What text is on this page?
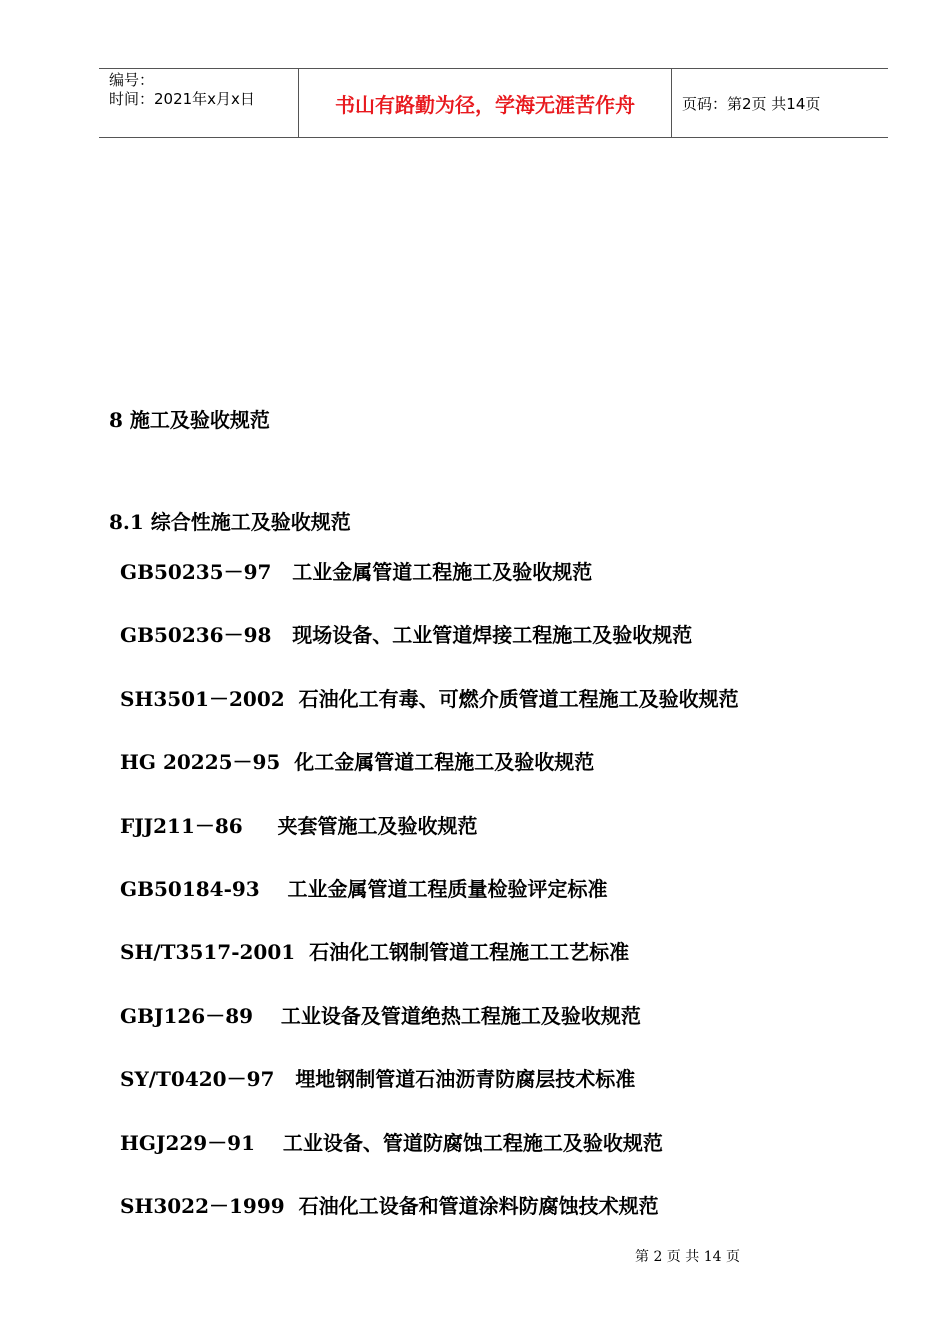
编号：
时间：2021年x月x日	书山有路勤为径，学海无涯苦作舟	页码：第2页 共14页
8 施工及验收规范
8.1 综合性施工及验收规范
GB50235－97   工业金属管道工程施工及验收规范
GB50236－98   现场设备、工业管道焊接工程施工及验收规范
SH3501－2002  石油化工有毒、可燃介质管道工程施工及验收规范
HG 20225－95  化工金属管道工程施工及验收规范
FJJ211－86     夹套管施工及验收规范
GB50184-93    工业金属管道工程质量检验评定标准
SH/T3517-2001  石油化工钢制管道工程施工工艺标准
GBJ126－89    工业设备及管道绝热工程施工及验收规范
SY/T0420－97   埋地钢制管道石油沥青防腐层技术标准
HGJ229－91    工业设备、管道防腐蚀工程施工及验收规范
SH3022－1999  石油化工设备和管道涂料防腐蚀技术规范
第 2 页 共 14 页
